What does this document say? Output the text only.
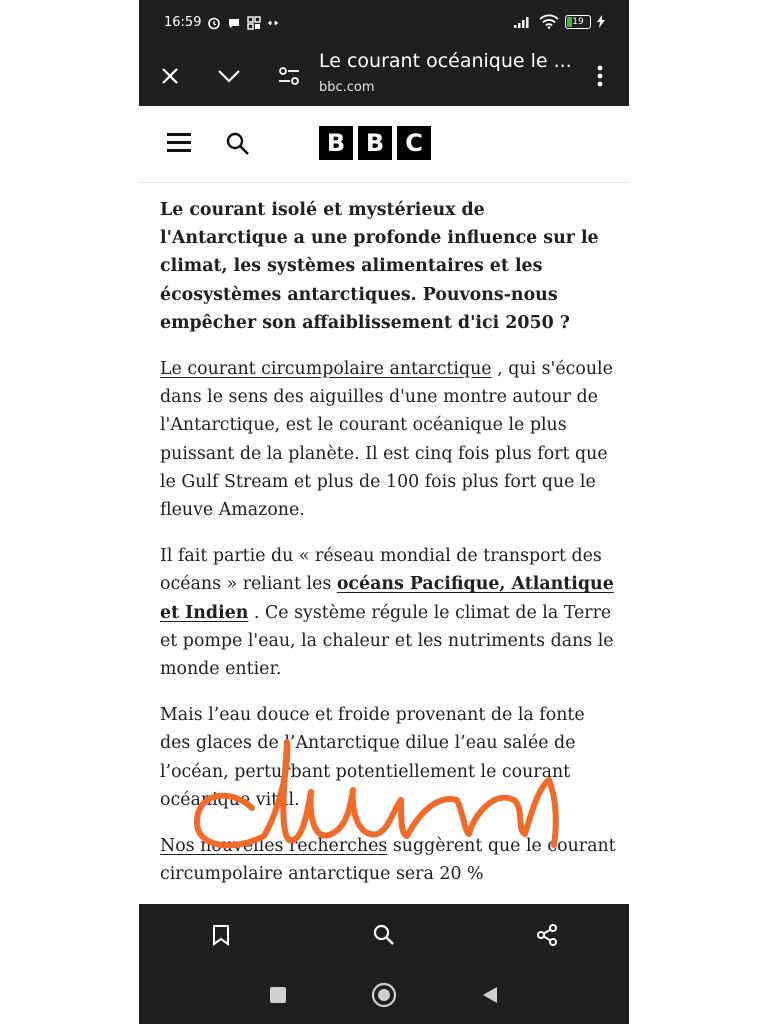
16:59	19
Le courant océanique le ...
bbc.com
B B C

Le courant isolé et mystérieux de l'Antarctique a une profonde influence sur le climat, les systèmes alimentaires et les écosystèmes antarctiques. Pouvons-nous empêcher son affaiblissement d'ici 2050 ?

Le courant circumpolaire antarctique , qui s'écoule dans le sens des aiguilles d'une montre autour de l'Antarctique, est le courant océanique le plus puissant de la planète. Il est cinq fois plus fort que le Gulf Stream et plus de 100 fois plus fort que le fleuve Amazone.

Il fait partie du « réseau mondial de transport des océans » reliant les océans Pacifique, Atlantique et Indien . Ce système régule le climat de la Terre et pompe l'eau, la chaleur et les nutriments dans le monde entier.

Mais l’eau douce et froide provenant de la fonte des glaces de l’Antarctique dilue l’eau salée de l’océan, perturbant potentiellement le courant océanique vital.

Nos nouvelles recherches suggèrent que le courant circumpolaire antarctique sera 20 %
